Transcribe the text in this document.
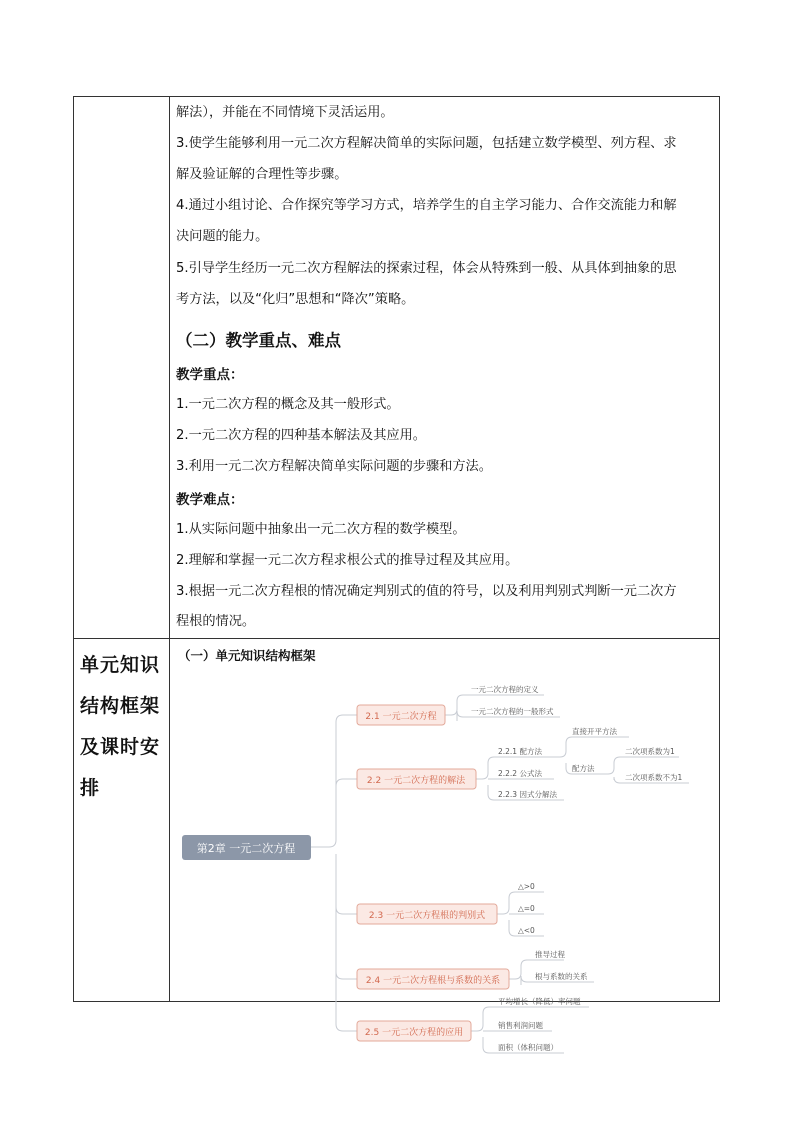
解法），并能在不同情境下灵活运用。
3.使学生能够利用一元二次方程解决简单的实际问题，包括建立数学模型、列方程、求
解及验证解的合理性等步骤。
4.通过小组讨论、合作探究等学习方式，培养学生的自主学习能力、合作交流能力和解
决问题的能力。
5.引导学生经历一元二次方程解法的探索过程，体会从特殊到一般、从具体到抽象的思
考方法，以及“化归”思想和“降次”策略。
（二）教学重点、难点
教学重点：
1.一元二次方程的概念及其一般形式。
2.一元二次方程的四种基本解法及其应用。
3.利用一元二次方程解决简单实际问题的步骤和方法。
教学难点：
1.从实际问题中抽象出一元二次方程的数学模型。
2.理解和掌握一元二次方程求根公式的推导过程及其应用。
3.根据一元二次方程根的情况确定判别式的值的符号，以及利用判别式判断一元二次方
程根的情况。
单元知识
结构框架
及课时安
排
（一）单元知识结构框架
第2章 一元二次方程
2.1 一元二次方程
2.2 一元二次方程的解法
2.3 一元二次方程根的判别式
2.4 一元二次方程根与系数的关系
2.5 一元二次方程的应用
一元二次方程的定义
一元二次方程的一般形式
2.2.1 配方法
2.2.2 公式法
2.2.3 因式分解法
直接开平方法
配方法
二次项系数为1
二次项系数不为1
△>0
△=0
△<0
推导过程
根与系数的关系
平均增长（降低）率问题
销售利润问题
面积（体积问题）
